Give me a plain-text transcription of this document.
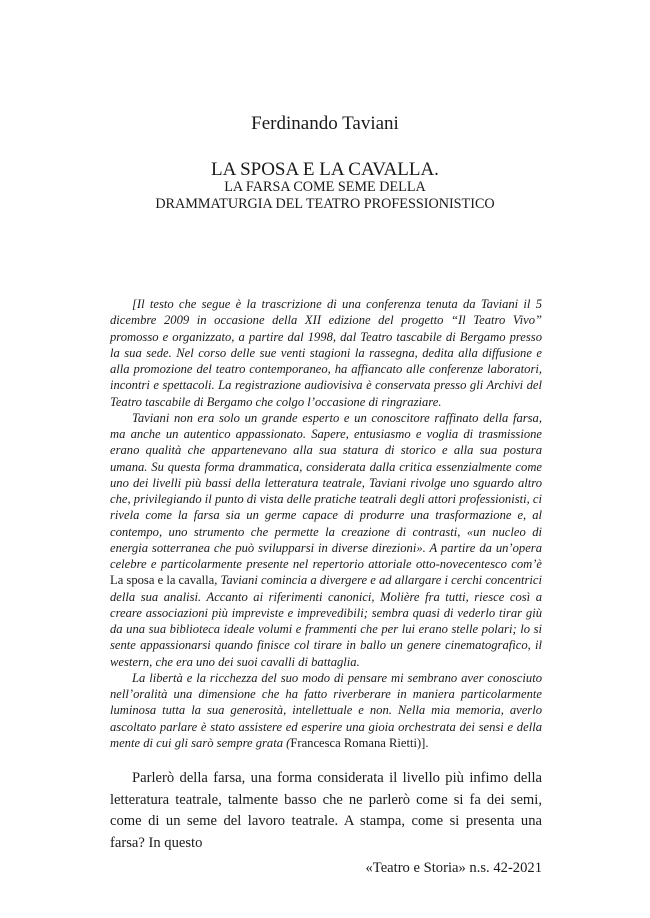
Ferdinando Taviani
LA SPOSA E LA CAVALLA.
LA FARSA COME SEME DELLA
DRAMMATURGIA DEL TEATRO PROFESSIONISTICO

[Il testo che segue è la trascrizione di una conferenza tenuta da Taviani il 5 dicembre 2009 in occasione della XII edizione del progetto “Il Teatro Vivo” promosso e organizzato, a partire dal 1998, dal Teatro tascabile di Bergamo presso la sua sede. Nel corso delle sue venti stagioni la rassegna, dedita alla diffusione e alla promozione del teatro contemporaneo, ha affiancato alle conferenze laboratori, incontri e spettacoli. La registrazione audiovisiva è conservata presso gli Archivi del Teatro tascabile di Bergamo che colgo l’occasione di ringraziare.

Taviani non era solo un grande esperto e un conoscitore raffinato della farsa, ma anche un autentico appassionato. Sapere, entusiasmo e voglia di trasmissione erano qualità che appartenevano alla sua statura di storico e alla sua postura umana. Su questa forma drammatica, considerata dalla critica essenzialmente come uno dei livelli più bassi della letteratura teatrale, Taviani rivolge uno sguardo altro che, privilegiando il punto di vista delle pratiche teatrali degli attori professionisti, ci rivela come la farsa sia un germe capace di produrre una trasformazione e, al contempo, uno strumento che permette la creazione di contrasti, «un nucleo di energia sotterranea che può svilupparsi in diverse direzioni». A partire da un’opera celebre e particolarmente presente nel repertorio attoriale otto-novecentesco com’è La sposa e la cavalla, Taviani comincia a divergere e ad allargare i cerchi concentrici della sua analisi. Accanto ai riferimenti canonici, Molière fra tutti, riesce così a creare associazioni più impreviste e imprevedibili; sembra quasi di vederlo tirar giù da una sua biblioteca ideale volumi e frammenti che per lui erano stelle polari; lo si sente appassionarsi quando finisce col tirare in ballo un genere cinematografico, il western, che era uno dei suoi cavalli di battaglia.

La libertà e la ricchezza del suo modo di pensare mi sembrano aver conosciuto nell’oralità una dimensione che ha fatto riverberare in maniera particolarmente luminosa tutta la sua generosità, intellettuale e non. Nella mia memoria, averlo ascoltato parlare è stato assistere ed esperire una gioia orchestrata dei sensi e della mente di cui gli sarò sempre grata (Francesca Romana Rietti)].

Parlerò della farsa, una forma considerata il livello più infimo della letteratura teatrale, talmente basso che ne parlerò come si fa dei semi, come di un seme del lavoro teatrale. A stampa, come si presenta una farsa? In questo

«Teatro e Storia» n.s. 42-2021
